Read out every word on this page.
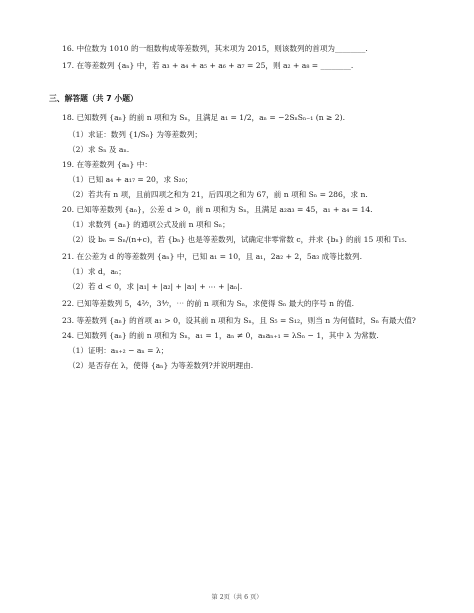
16. 中位数为 1010 的一组数构成等差数列，其末项为 2015，则该数列的首项为________.
17. 在等差数列 {aₙ} 中，若 a₃ + a₄ + a₅ + a₆ + a₇ = 25，则 a₂ + a₈ = ________.
三、解答题（共 7 小题）
18. 已知数列 {aₙ} 的前 n 项和为 Sₙ，且满足 a₁ = 1/2，aₙ = −2SₙSₙ₋₁ (n ≥ 2).
（1）求证：数列 {1/Sₙ} 为等差数列；
（2）求 Sₙ 及 aₙ.
19. 在等差数列 {aₙ} 中：
（1）已知 a₄ + a₁₇ = 20，求 S₂₀；
（2）若共有 n 项，且前四项之和为 21，后四项之和为 67，前 n 项和 Sₙ = 286，求 n.
20. 已知等差数列 {aₙ}，公差 d > 0，前 n 项和为 Sₙ，且满足 a₂a₃ = 45，a₁ + a₄ = 14.
（1）求数列 {aₙ} 的通项公式及前 n 项和 Sₙ；
（2）设 bₙ = Sₙ/(n+c)，若 {bₙ} 也是等差数列，试确定非零常数 c，并求 {bₙ} 的前 15 项和 T₁₅.
21. 在公差为 d 的等差数列 {aₙ} 中，已知 a₁ = 10，且 a₁，2a₂ + 2，5a₃ 成等比数列.
（1）求 d，aₙ；
（2）若 d < 0，求 |a₁| + |a₂| + |a₃| + ⋯ + |aₙ|.
22. 已知等差数列 5，4²⁄₇，3⁴⁄₇，⋯ 的前 n 项和为 Sₙ，求使得 Sₙ 最大的序号 n 的值.
23. 等差数列 {aₙ} 的首项 a₁ > 0，设其前 n 项和为 Sₙ，且 S₅ = S₁₂，则当 n 为何值时，Sₙ 有最大值?
24. 已知数列 {aₙ} 的前 n 项和为 Sₙ，a₁ = 1，aₙ ≠ 0，aₙaₙ₊₁ = λSₙ − 1，其中 λ 为常数.
（1）证明：aₙ₊₂ − aₙ = λ；
（2）是否存在 λ，使得 {aₙ} 为等差数列?并说明理由.
第 2页（共 6 页）
